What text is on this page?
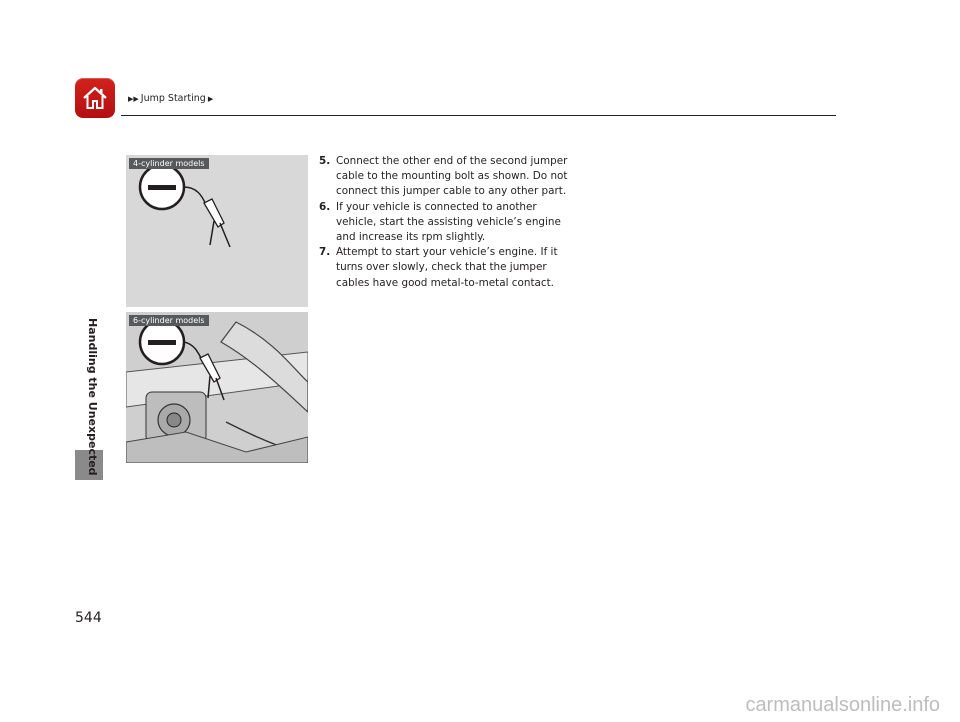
▶▶ Jump Starting ▶
Handling the Unexpected
4-cylinder models
6-cylinder models
5. Connect the other end of the second jumper cable to the mounting bolt as shown. Do not connect this jumper cable to any other part.
6. If your vehicle is connected to another vehicle, start the assisting vehicle’s engine and increase its rpm slightly.
7. Attempt to start your vehicle’s engine. If it turns over slowly, check that the jumper cables have good metal-to-metal contact.
544
carmanualsonline.info
